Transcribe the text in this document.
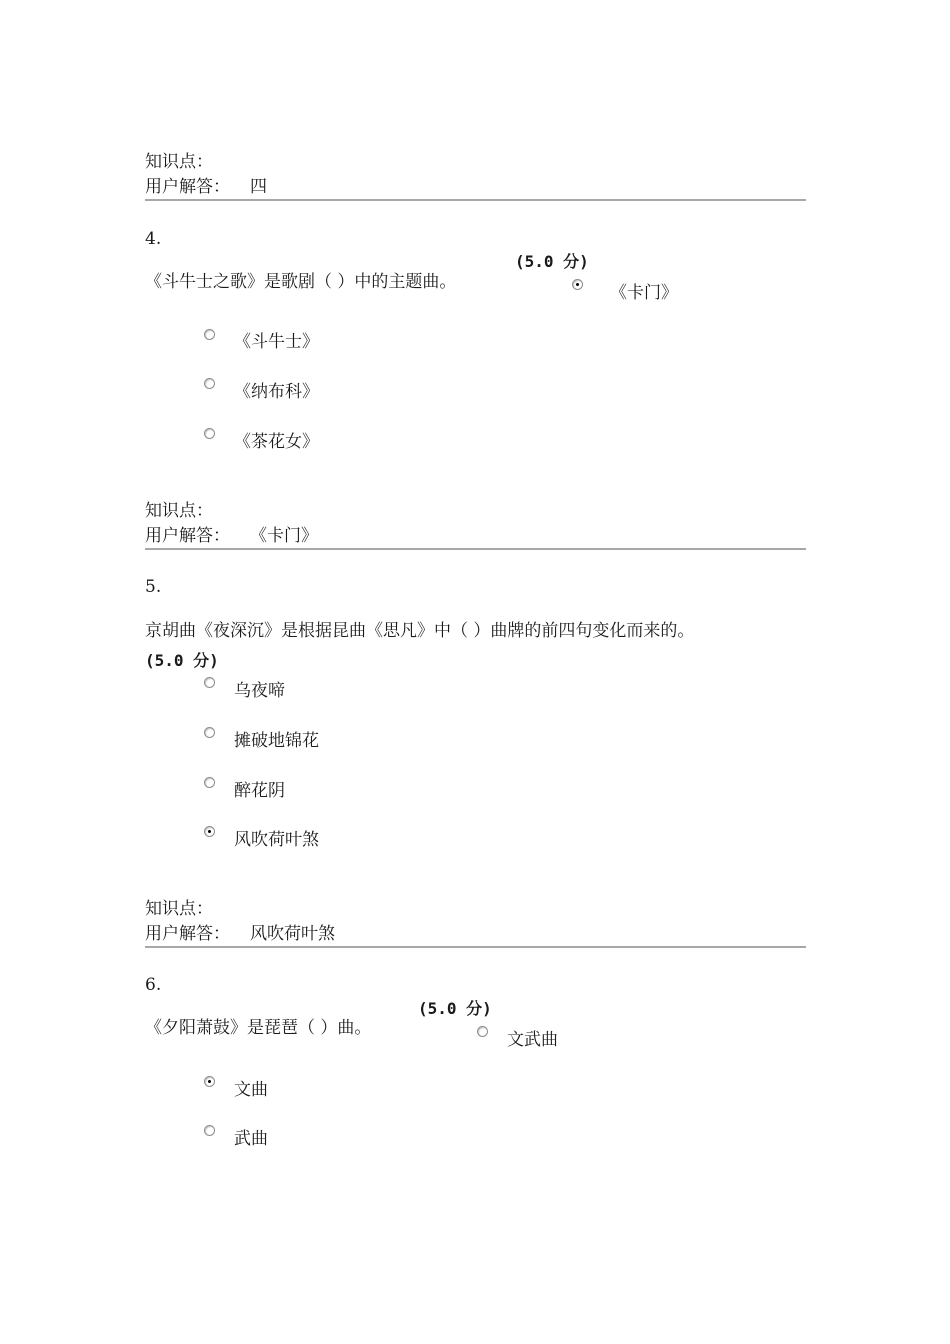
知识点：
用户解答： 四
4.
(5.0 分)
《斗牛士之歌》是歌剧（ ）中的主题曲。
《卡门》
《斗牛士》
《纳布科》
《茶花女》
知识点：
用户解答： 《卡门》
5.
京胡曲《夜深沉》是根据昆曲《思凡》中（ ）曲牌的前四句变化而来的。
(5.0 分)
乌夜啼
摊破地锦花
醉花阴
风吹荷叶煞
知识点：
用户解答： 风吹荷叶煞
6.
(5.0 分)
《夕阳萧鼓》是琵琶（ ）曲。
文武曲
文曲
武曲
